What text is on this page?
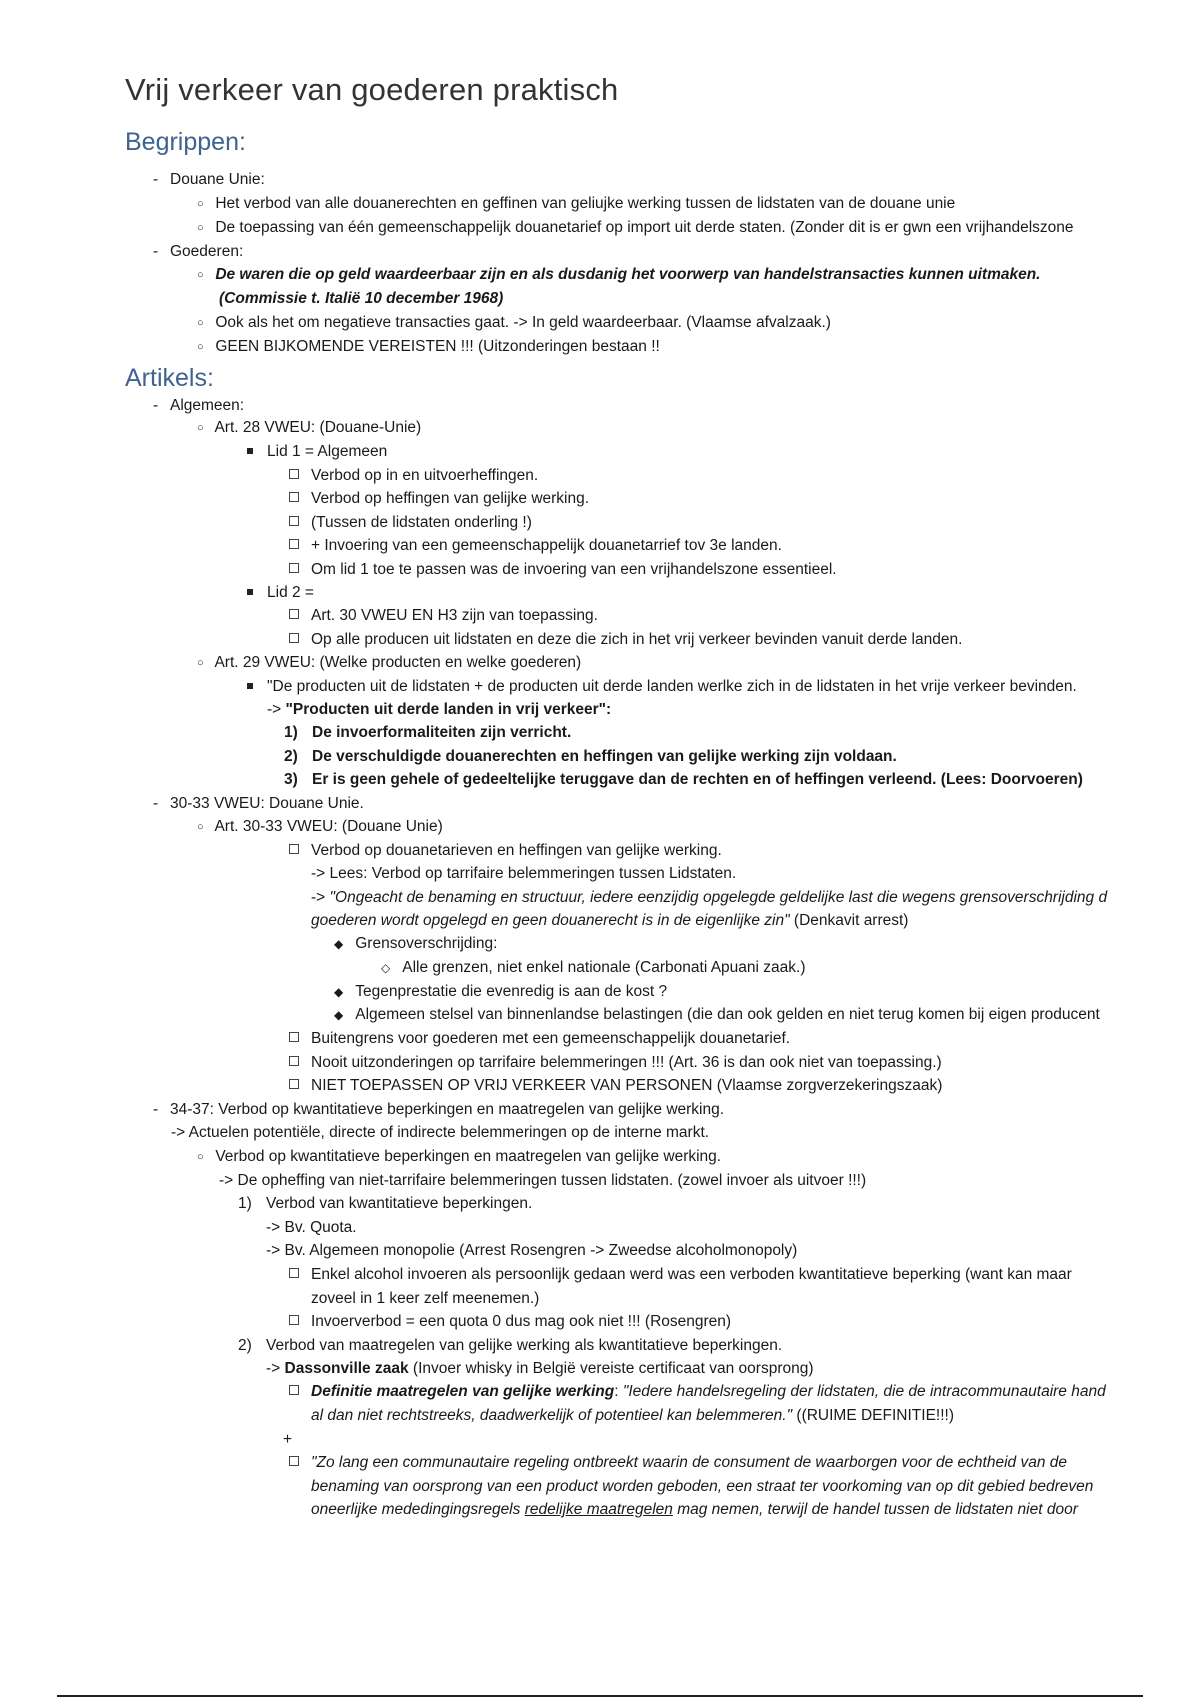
Vrij verkeer van goederen praktisch
Begrippen:
- Douane Unie:
○ Het verbod van alle douanerechten en geffinen van geliujke werking tussen de lidstaten van de douane unie
○ De toepassing van één gemeenschappelijk douanetarief op import uit derde staten. (Zonder dit is er gwn een vrijhandelszone
- Goederen:
○ De waren die op geld waardeerbaar zijn en als dusdanig het voorwerp van handelstransacties kunnen uitmaken.
(Commissie t. Italië 10 december 1968)
○ Ook als het om negatieve transacties gaat. -> In geld waardeerbaar. (Vlaamse afvalzaak.)
○ GEEN BIJKOMENDE VEREISTEN !!! (Uitzonderingen bestaan !!
Artikels:
- Algemeen:
○ Art. 28 VWEU: (Douane-Unie)
Lid 1 = Algemeen
Verbod op in en uitvoerheffingen.
Verbod op heffingen van gelijke werking.
(Tussen de lidstaten onderling !)
+ Invoering van een gemeenschappelijk douanetarrief tov 3e landen.
Om lid 1 toe te passen was de invoering van een vrijhandelszone essentieel.
Lid 2 =
Art. 30 VWEU EN H3 zijn van toepassing.
Op alle producen uit lidstaten en deze die zich in het vrij verkeer bevinden vanuit derde landen.
○ Art. 29 VWEU: (Welke producten en welke goederen)
"De producten uit de lidstaten + de producten uit derde landen werlke zich in de lidstaten in het vrije verkeer bevinden.
-> "Producten uit derde landen in vrij verkeer":
1) De invoerformaliteiten zijn verricht.
2) De verschuldigde douanerechten en heffingen van gelijke werking zijn voldaan.
3) Er is geen gehele of gedeeltelijke teruggave dan de rechten en of heffingen verleend. (Lees: Doorvoeren)
- 30-33 VWEU: Douane Unie.
○ Art. 30-33 VWEU: (Douane Unie)
Verbod op douanetarieven en heffingen van gelijke werking.
-> Lees: Verbod op tarrifaire belemmeringen tussen Lidstaten.
-> "Ongeacht de benaming en structuur, iedere eenzijdig opgelegde geldelijke last die wegens grensoverschrijding d
goederen wordt opgelegd en geen douanerecht is in de eigenlijke zin" (Denkavit arrest)
◆ Grensoverschrijding:
◇ Alle grenzen, niet enkel nationale (Carbonati Apuani zaak.)
◆ Tegenprestatie die evenredig is aan de kost ?
◆ Algemeen stelsel van binnenlandse belastingen (die dan ook gelden en niet terug komen bij eigen producent
Buitengrens voor goederen met een gemeenschappelijk douanetarief.
Nooit uitzonderingen op tarrifaire belemmeringen !!! (Art. 36 is dan ook niet van toepassing.)
NIET TOEPASSEN OP VRIJ VERKEER VAN PERSONEN (Vlaamse zorgverzekeringszaak)
- 34-37: Verbod op kwantitatieve beperkingen en maatregelen van gelijke werking.
-> Actuelen potentiële, directe of indirecte belemmeringen op de interne markt.
○ Verbod op kwantitatieve beperkingen en maatregelen van gelijke werking.
-> De opheffing van niet-tarrifaire belemmeringen tussen lidstaten. (zowel invoer als uitvoer !!!)
1) Verbod van kwantitatieve beperkingen.
-> Bv. Quota.
-> Bv. Algemeen monopolie (Arrest Rosengren -> Zweedse alcoholmonopoly)
Enkel alcohol invoeren als persoonlijk gedaan werd was een verboden kwantitatieve beperking (want kan maar
zoveel in 1 keer zelf meenemen.)
Invoerverbod = een quota 0 dus mag ook niet !!! (Rosengren)
2) Verbod van maatregelen van gelijke werking als kwantitatieve beperkingen.
-> Dassonville zaak (Invoer whisky in België vereiste certificaat van oorsprong)
Definitie maatregelen van gelijke werking: "Iedere handelsregeling der lidstaten, die de intracommunautaire hand
al dan niet rechtstreeks, daadwerkelijk of potentieel kan belemmeren." ((RUIME DEFINITIE!!!)
+
"Zo lang een communautaire regeling ontbreekt waarin de consument de waarborgen voor de echtheid van de
benaming van oorsprong van een product worden geboden, een straat ter voorkoming van op dit gebied bedreven
oneerlijke mededingingsregels redelijke maatregelen mag nemen, terwijl de handel tussen de lidstaten niet door
